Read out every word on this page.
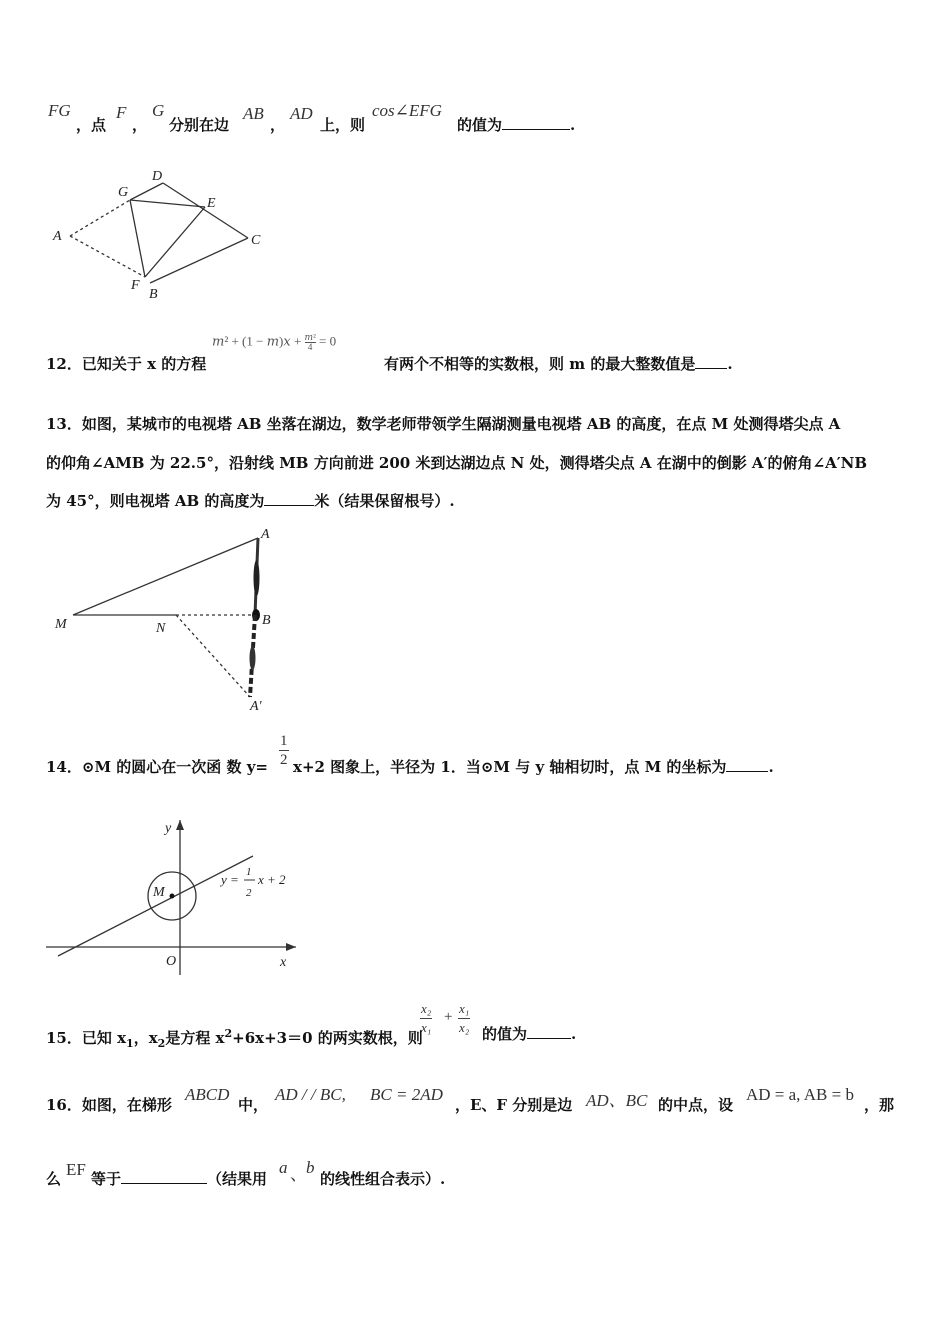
FG
，点
F
，
G
分别在边
AB
，
AD
上，则
cos∠EFG
的值为	.
D
G
E
A	C
F
B
12．已知关于 x 的方程
𝑚² + (1 − 𝑚)𝑥 + 𝑚²
4 = 0
有两个不相等的实数根，则 m 的最大整数值是 .
13．如图，某城市的电视塔 AB 坐落在湖边，数学老师带领学生隔湖测量电视塔 AB 的高度，在点 M 处测得塔尖点 A
的仰角∠AMB 为 22.5°，沿射线 MB 方向前进 200 米到达湖边点 N 处，测得塔尖点 A 在湖中的倒影 A′的俯角∠A′NB
为 45°，则电视塔 AB 的高度为	米（结果保留根号）.
A
M	N
B
A′
14．⊙M 的圆心在一次函 数 $y= \frac{1}{2} x+2$ 图象上，半径为 1．当⊙M 与 y 轴相切时，点 M 的坐标为	.
y
x
O
M
y = 1
2
x + 2
15．已知 $x_1$，$x_2$是方程 $x^2+6x+3=0$ 的两实数根，则
$\frac{\text{x₂}}{\text{x₁}} + \frac{\text{x₁}}{\text{x₂}}$ 的值为	.
16．如图，在梯形
ABCD
中，
AD / / BC, BC = 2AD
，E、F 分别是边 AD、BC 的中点，设
AD = a, AB = b
，那
么 EF 等于	（结果用
a 、 b
的线性组合表示）.
